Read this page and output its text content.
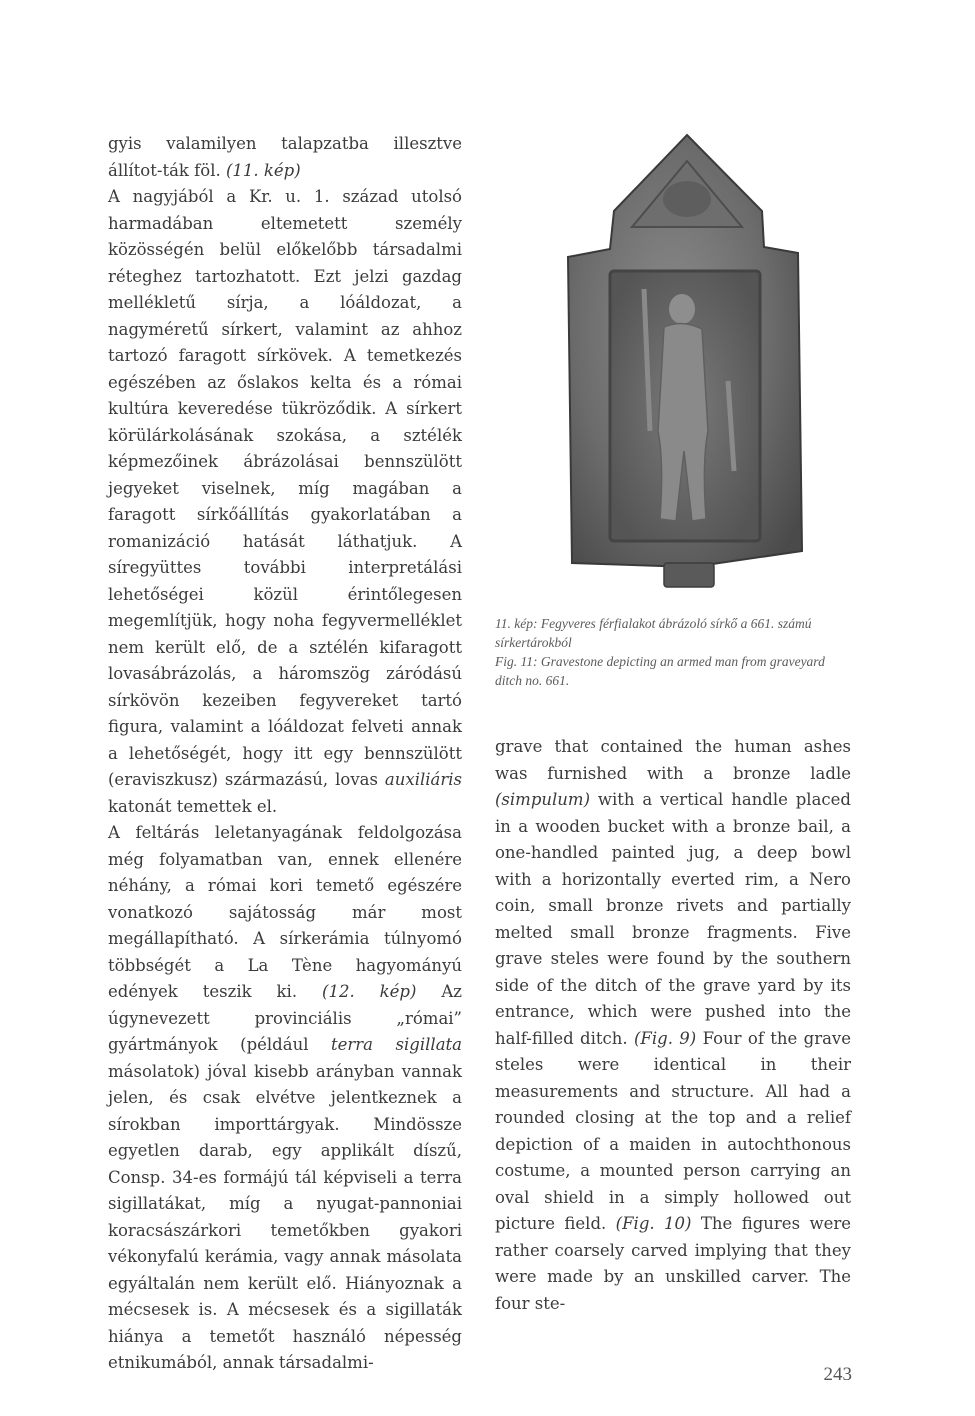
gyis valamilyen talapzatba illesztve állítot-ták föl. (11. kép)

A nagyjából a Kr. u. 1. század utolsó harmadában eltemetett személy közösségén belül előkelőbb társadalmi réteghez tartozhatott. Ezt jelzi gazdag mellékletű sírja, a lóáldozat, a nagyméretű sírkert, valamint az ahhoz tartozó faragott sírkövek. A temetkezés egészében az őslakos kelta és a római kultúra keveredése tükröződik. A sírkert körülárkolásának szokása, a sztélék képmezőinek ábrázolásai bennszülött jegyeket viselnek, míg magában a faragott sírkőállítás gyakorlatában a romanizáció hatását láthatjuk. A síregyüttes további interpretálási lehetőségei közül érintőlegesen megemlítjük, hogy noha fegyvermelléklet nem került elő, de a sztélén kifaragott lovasábrázolás, a háromszög záródású sírkövön kezeiben fegyvereket tartó figura, valamint a lóáldozat felveti annak a lehetőségét, hogy itt egy bennszülött (eraviszkusz) származású, lovas auxiliáris katonát temettek el.

A feltárás leletanyagának feldolgozása még folyamatban van, ennek ellenére néhány, a római kori temető egészére vonatkozó sajátosság már most megállapítható. A sírkerámia túlnyomó többségét a La Tène hagyományú edények teszik ki. (12. kép) Az úgynevezett provinciális „római” gyártmányok (például terra sigillata másolatok) jóval kisebb arányban vannak jelen, és csak elvétve jelentkeznek a sírokban importtárgyak. Mindössze egyetlen darab, egy applikált díszű, Consp. 34-es formájú tál képviseli a terra sigillatákat, míg a nyugat-pannoniai koracsászárkori temetőkben gyakori vékonyfalú kerámia, vagy annak másolata egyáltalán nem került elő. Hiányoznak a mécsesek is. A mécsesek és a sigillaták hiánya a temetőt használó népesség etnikumából, annak társadalmi-

11. kép: Fegyveres férfialakot ábrázoló sírkő a 661. számú sírkertárokból

Fig. 11: Gravestone depicting an armed man from graveyard ditch no. 661.

grave that contained the human ashes was furnished with a bronze ladle (simpulum) with a vertical handle placed in a wooden bucket with a bronze bail, a one-handled painted jug, a deep bowl with a horizontally everted rim, a Nero coin, small bronze rivets and partially melted small bronze fragments. Five grave steles were found by the southern side of the ditch of the grave yard by its entrance, which were pushed into the half-filled ditch. (Fig. 9) Four of the grave steles were identical in their measurements and structure. All had a rounded closing at the top and a relief depiction of a maiden in autochthonous costume, a mounted person carrying an oval shield in a simply hollowed out picture field. (Fig. 10) The figures were rather coarsely carved implying that they were made by an unskilled carver. The four ste-

243
